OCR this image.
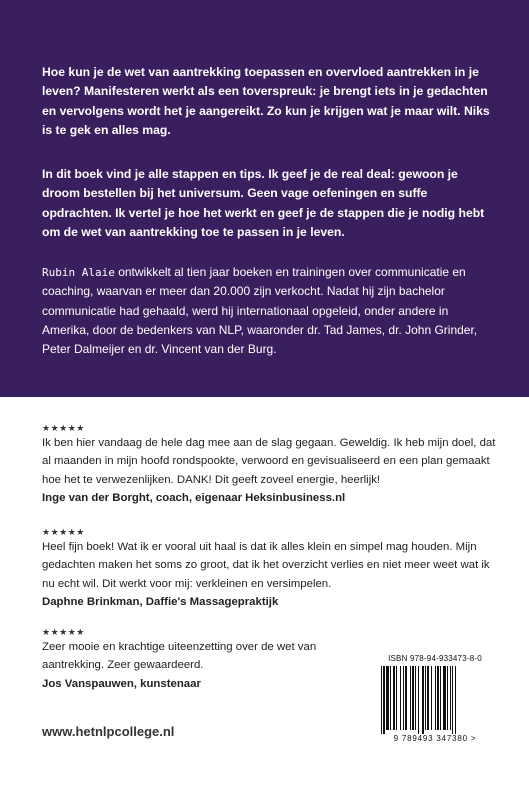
Hoe kun je de wet van aantrekking toepassen en overvloed aantrekken in je leven? Manifesteren werkt als een toverspreuk: je brengt iets in je gedachten en vervolgens wordt het je aangereikt. Zo kun je krijgen wat je maar wilt. Niks is te gek en alles mag.

In dit boek vind je alle stappen en tips. Ik geef je de real deal: gewoon je droom bestellen bij het universum. Geen vage oefeningen en suffe opdrachten. Ik vertel je hoe het werkt en geef je de stappen die je nodig hebt om de wet van aantrekking toe te passen in je leven.

Rubin Alaie ontwikkelt al tien jaar boeken en trainingen over communicatie en coaching, waarvan er meer dan 20.000 zijn verkocht. Nadat hij zijn bachelor communicatie had gehaald, werd hij internationaal opgeleid, onder andere in Amerika, door de bedenkers van NLP, waaronder dr. Tad James, dr. John Grinder, Peter Dalmeijer en dr. Vincent van der Burg.

★★★★★

Ik ben hier vandaag de hele dag mee aan de slag gegaan. Geweldig. Ik heb mijn doel, dat al maanden in mijn hoofd rondspookte, verwoord en gevisualiseerd en een plan gemaakt hoe het te verwezenlijken. DANK! Dit geeft zoveel energie, heerlijk!

Inge van der Borght, coach, eigenaar Heksinbusiness.nl
★★★★★

Heel fijn boek! Wat ik er vooral uit haal is dat ik alles klein en simpel mag houden. Mijn gedachten maken het soms zo groot, dat ik het overzicht verlies en niet meer weet wat ik nu echt wil. Dit werkt voor mij: verkleinen en versimpelen.

Daphne Brinkman, Daffie's Massagepraktijk
★★★★★

Zeer mooie en krachtige uiteenzetting over de wet van aantrekking. Zeer gewaardeerd.

Jos Vanspauwen, kunstenaar
www.hetnlpcollege.nl
ISBN 978-94-933473-8-0
9 789493 347380 >
